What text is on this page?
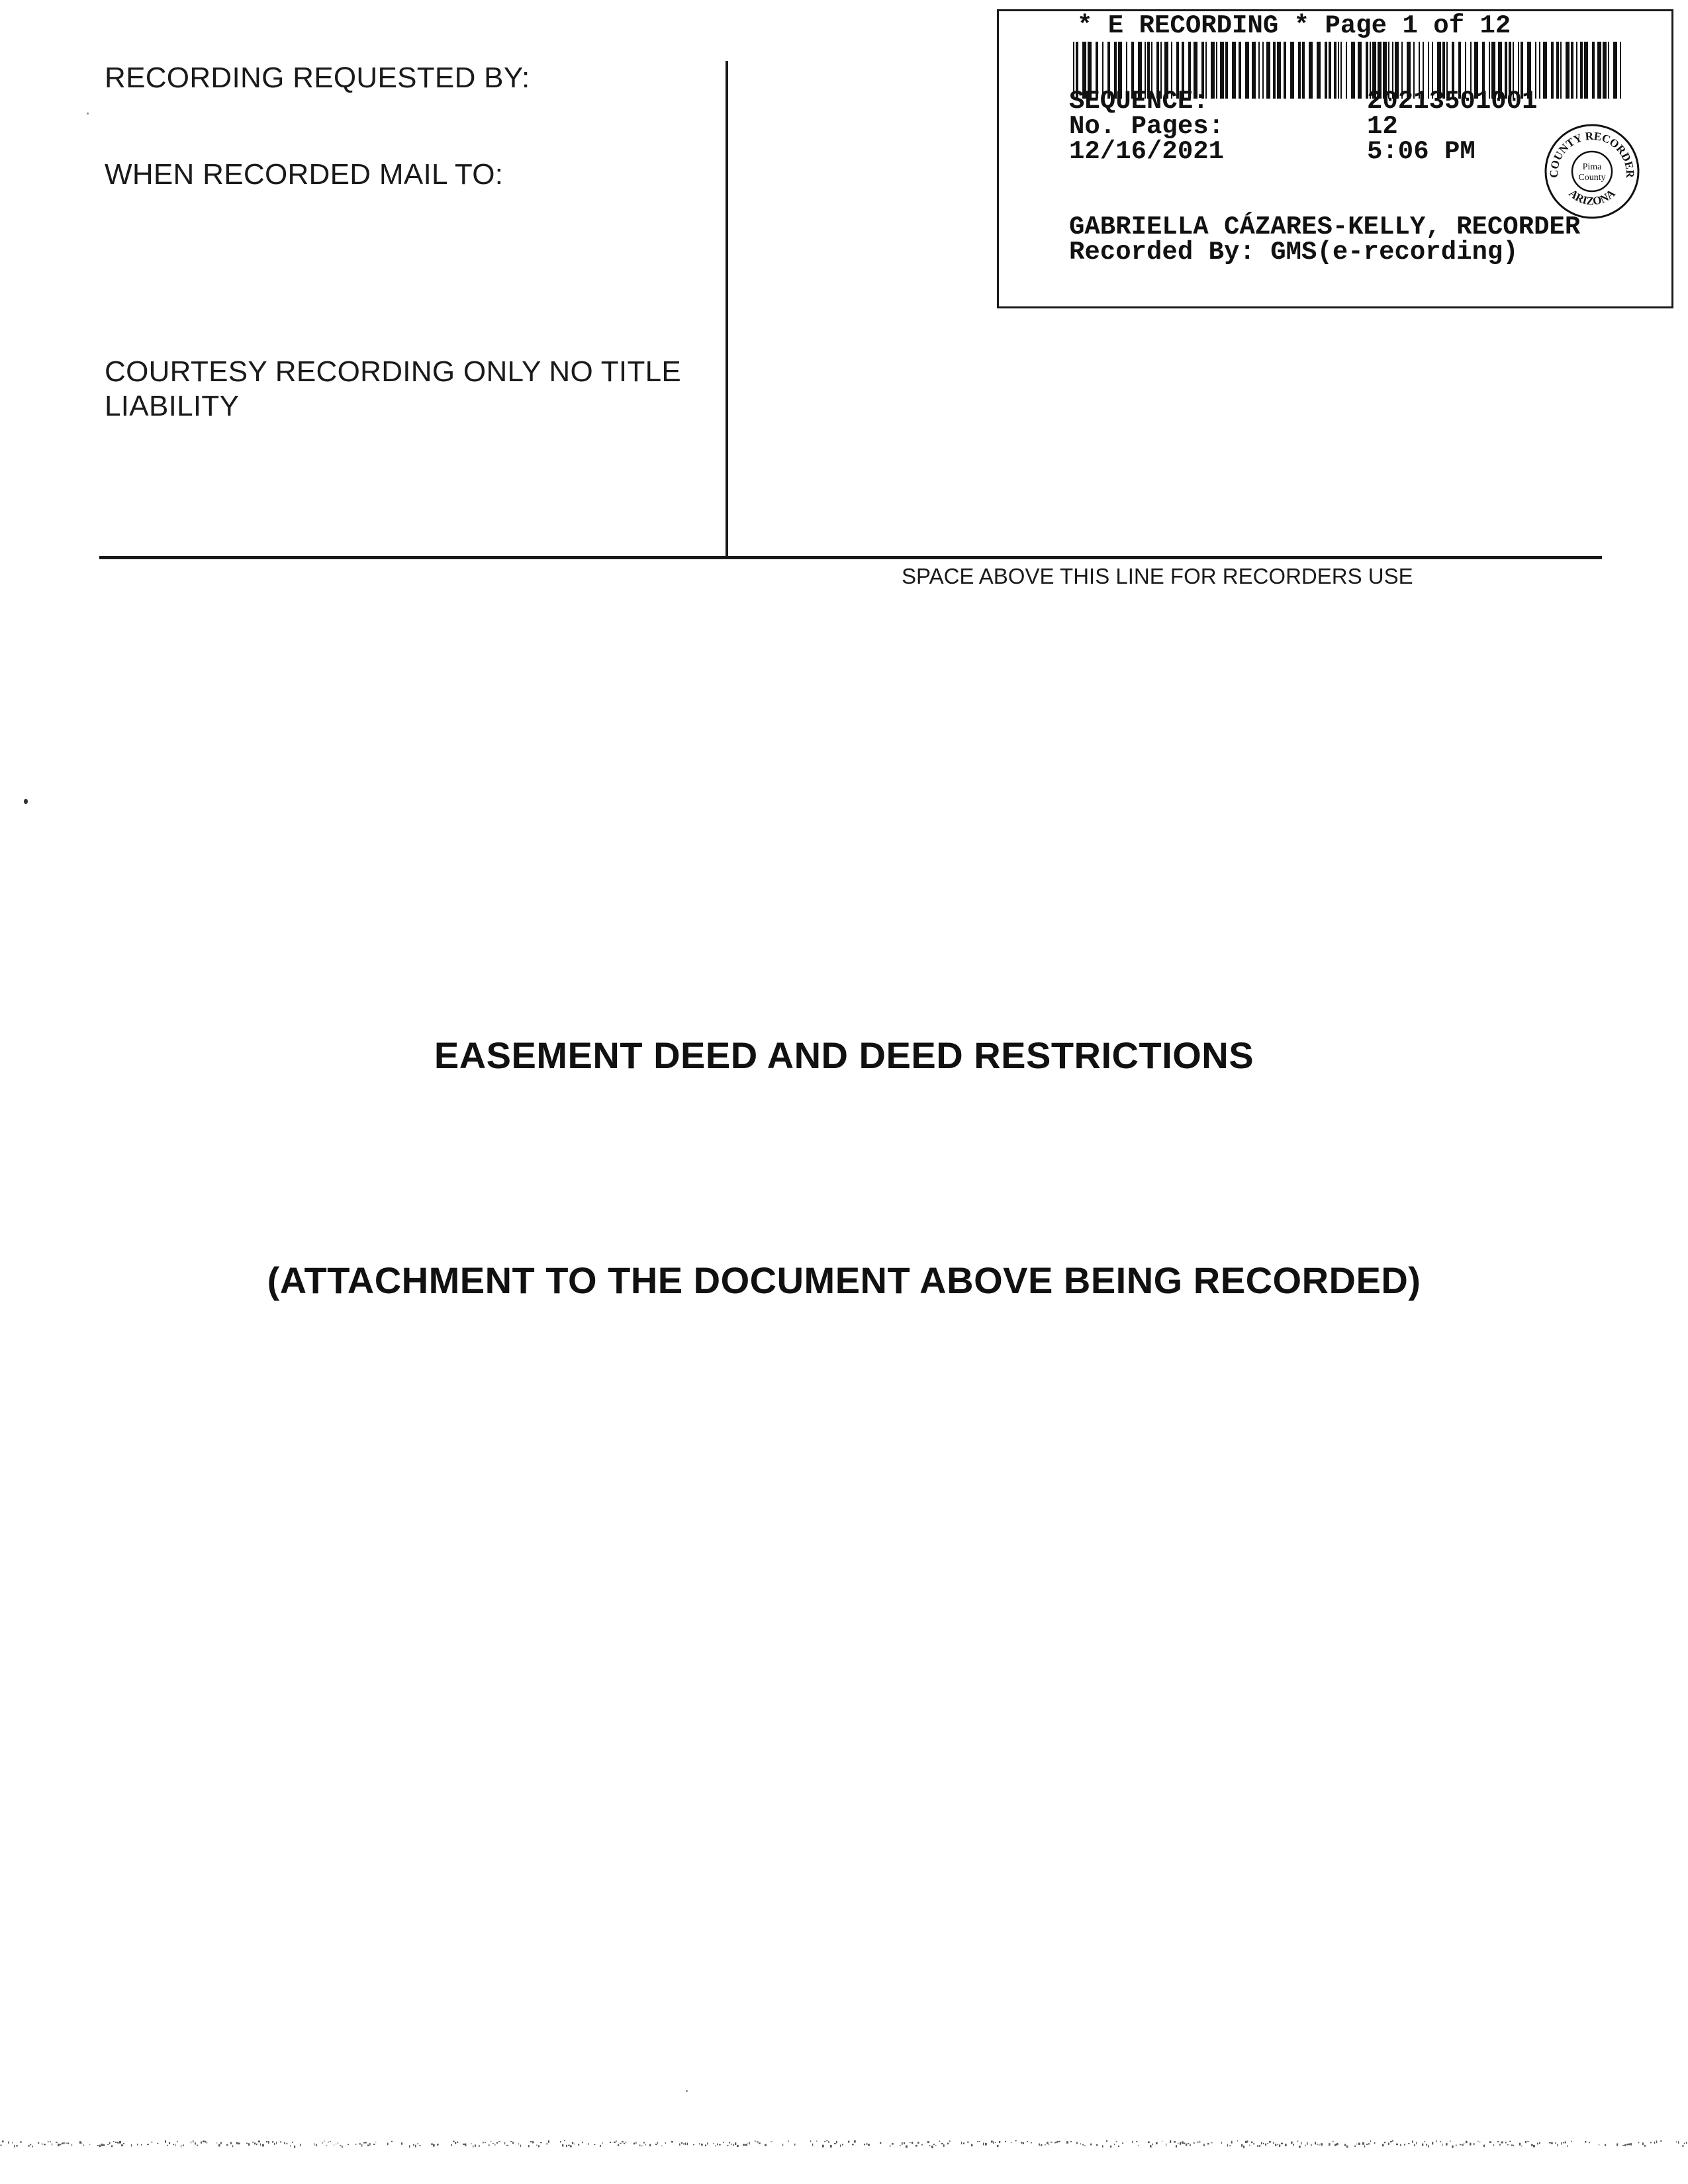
RECORDING REQUESTED BY:
WHEN RECORDED MAIL TO:
COURTESY RECORDING ONLY NO TITLE
LIABILITY
SPACE ABOVE THIS LINE FOR RECORDERS USE
* E RECORDING * Page 1 of 12
SEQUENCE:	20213501001
No. Pages:	12
12/16/2021	5:06 PM
COUNTY RECORDER
ARIZONA
Pima
County
GABRIELLA CÁZARES-KELLY, RECORDER
Recorded By: GMS(e-recording)
EASEMENT DEED AND DEED RESTRICTIONS
(ATTACHMENT TO THE DOCUMENT ABOVE BEING RECORDED)
